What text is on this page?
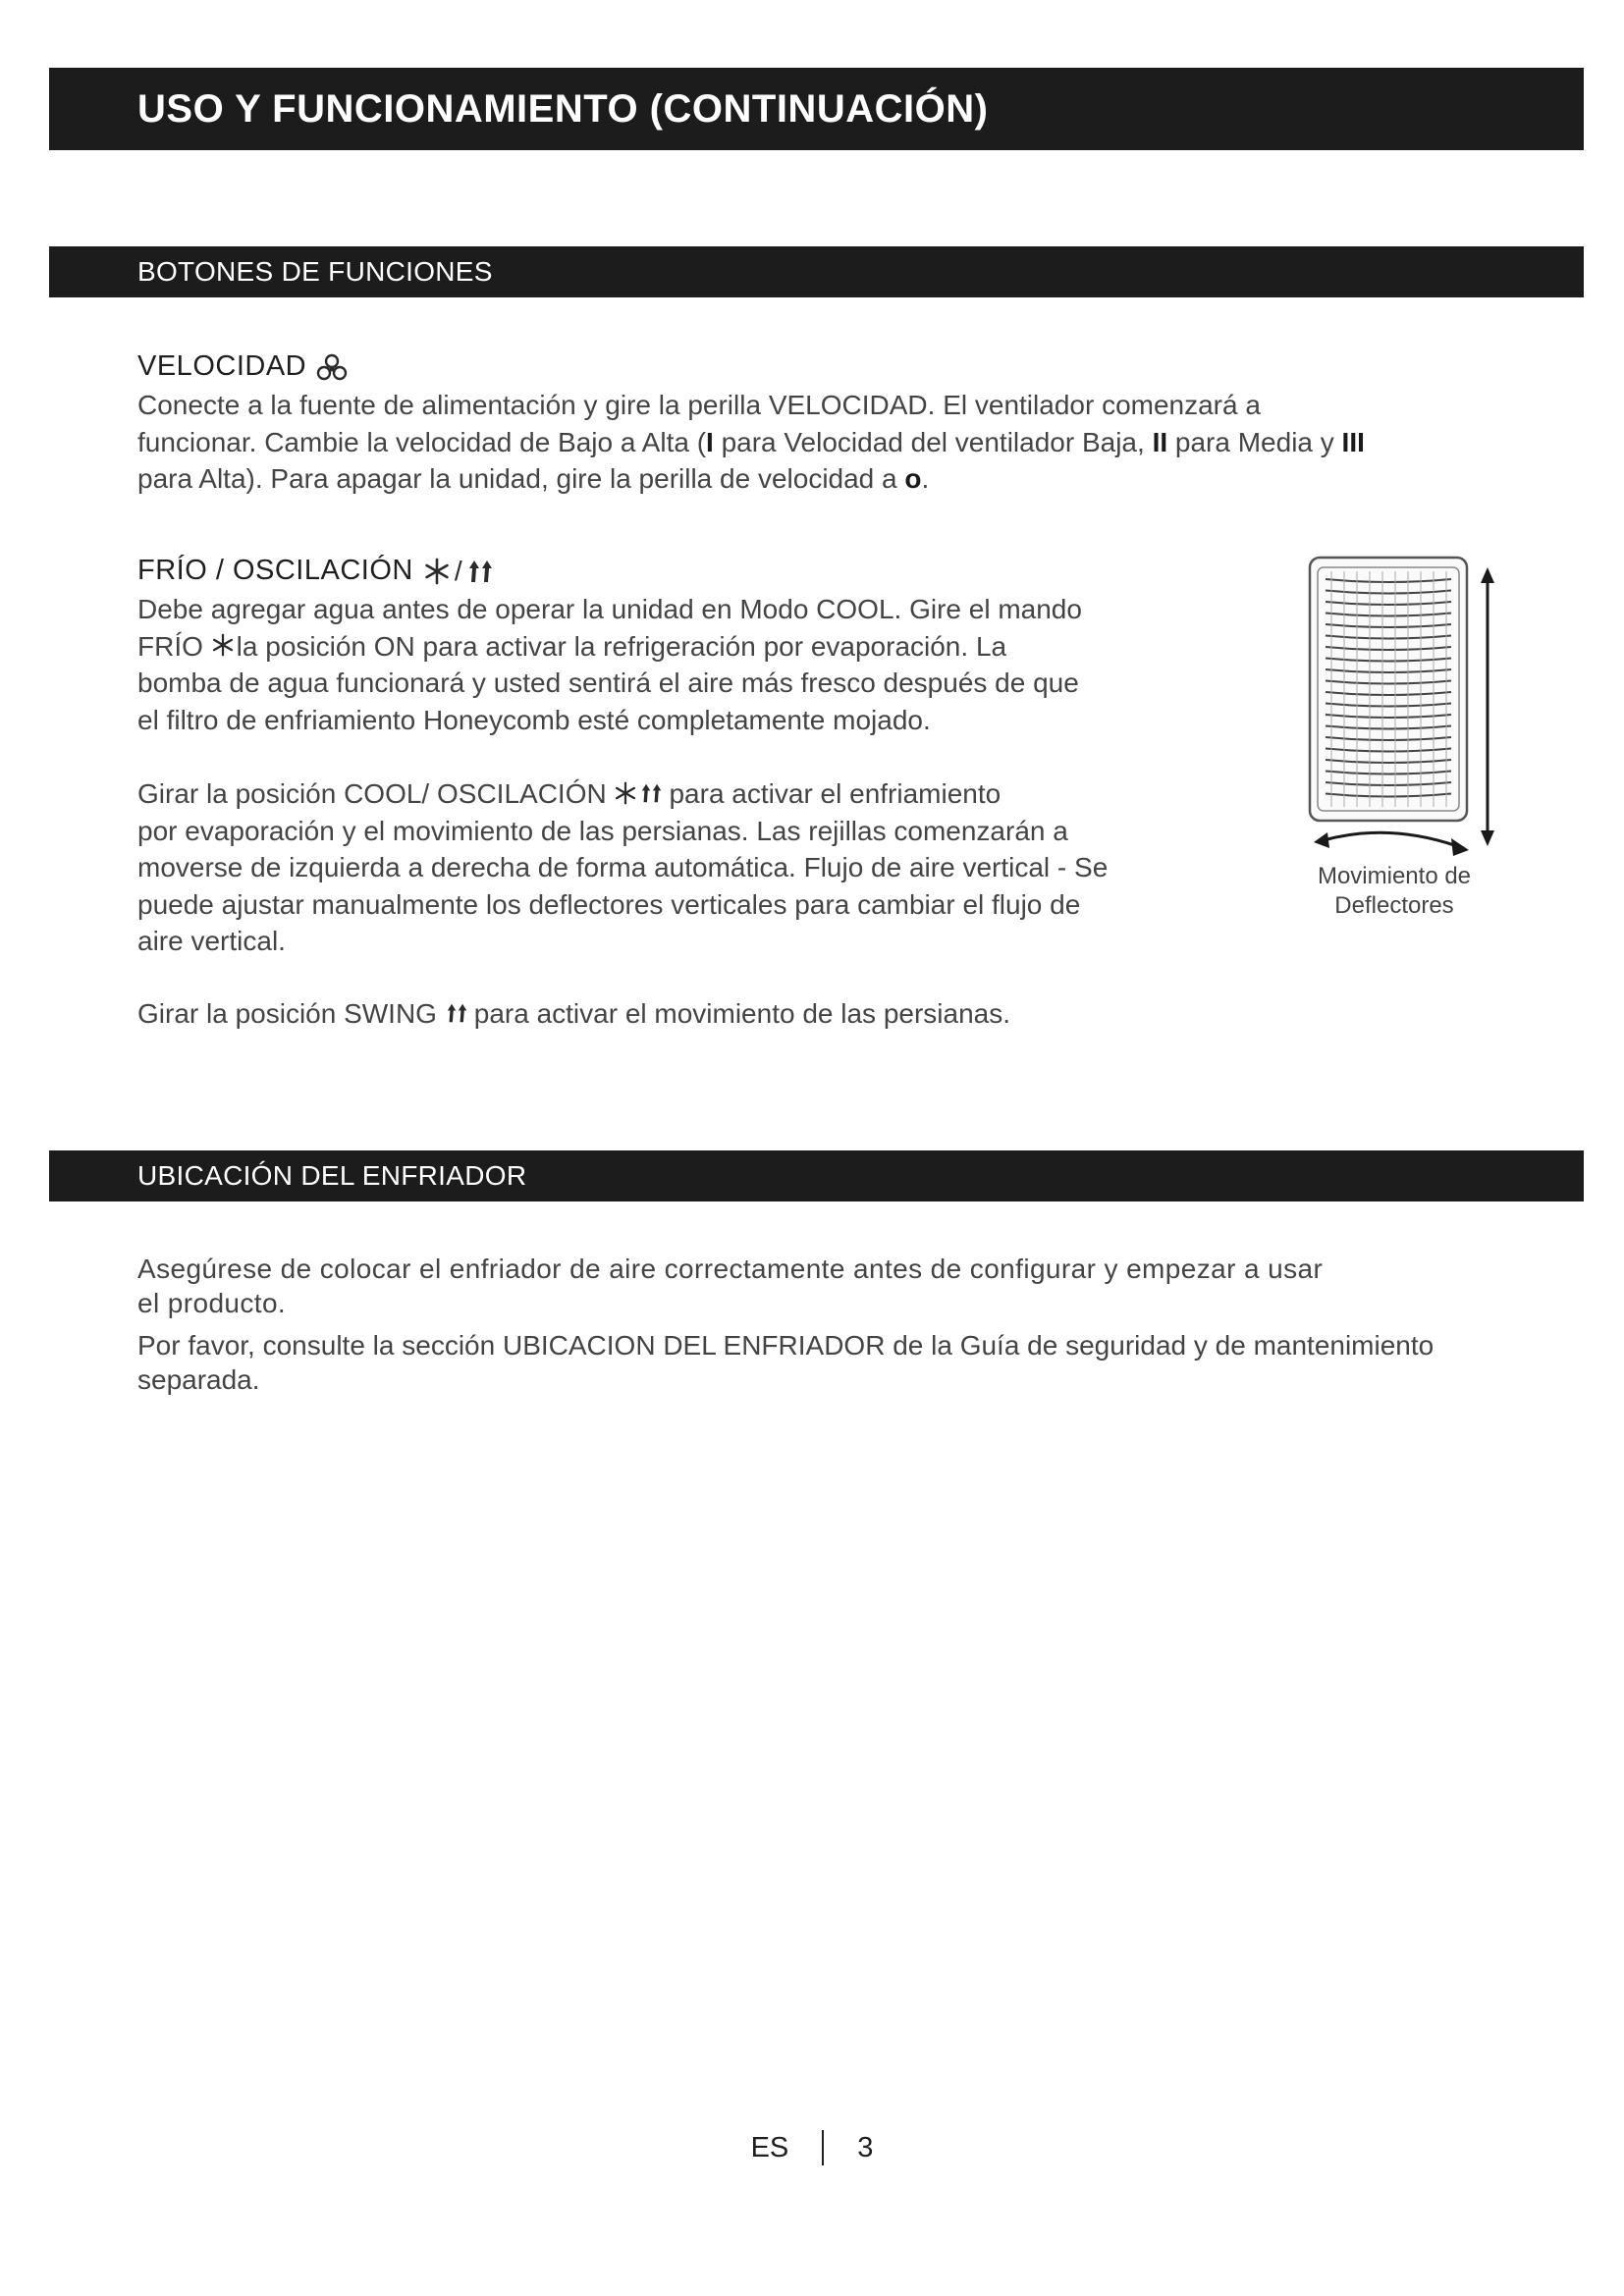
USO Y FUNCIONAMIENTO (CONTINUACIÓN)
BOTONES DE FUNCIONES
VELOCIDAD
Conecte a la fuente de alimentación y gire la perilla VELOCIDAD. El ventilador comenzará a
funcionar. Cambie la velocidad de Bajo a Alta (I para Velocidad del ventilador Baja, II para Media y III
para Alta). Para apagar la unidad, gire la perilla de velocidad a o.
FRÍO / OSCILACIÓN /
Debe agregar agua antes de operar la unidad en Modo COOL. Gire el mando
FRÍO la posición ON para activar la refrigeración por evaporación. La
bomba de agua funcionará y usted sentirá el aire más fresco después de que
el filtro de enfriamiento Honeycomb esté completamente mojado.
Girar la posición COOL/ OSCILACIÓN para activar el enfriamiento
por evaporación y el movimiento de las persianas. Las rejillas comenzarán a
moverse de izquierda a derecha de forma automática. Flujo de aire vertical - Se
puede ajustar manualmente los deflectores verticales para cambiar el flujo de
aire vertical.
Girar la posición SWING para activar el movimiento de las persianas.
Movimiento de
Deflectores
UBICACIÓN DEL ENFRIADOR
Asegúrese de colocar el enfriador de aire correctamente antes de configurar y empezar a usar
el producto.
Por favor, consulte la sección UBICACION DEL ENFRIADOR de la Guía de seguridad y de mantenimiento
separada.
ES 3
